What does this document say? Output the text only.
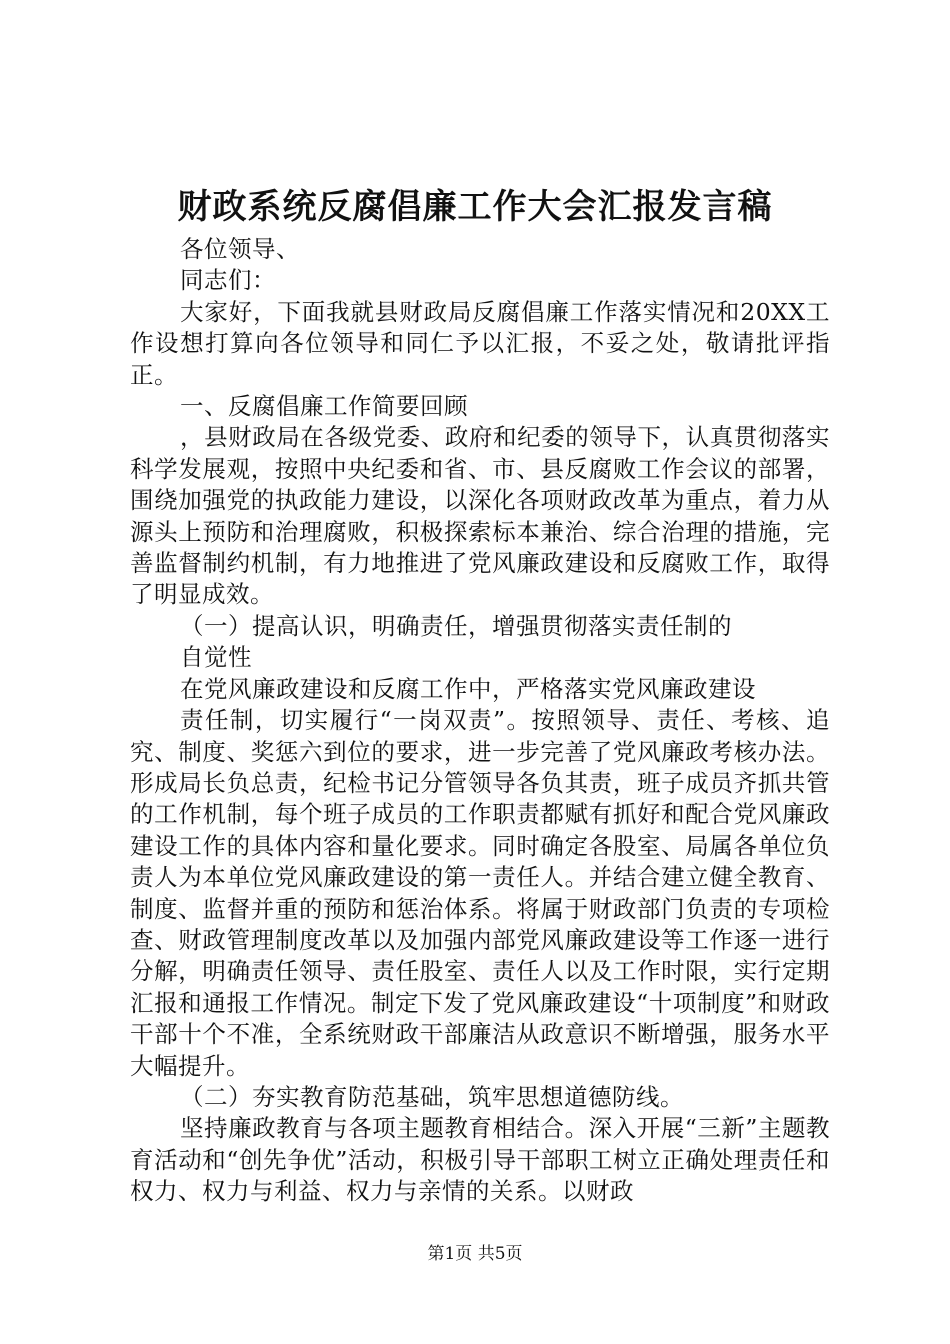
财政系统反腐倡廉工作大会汇报发言稿

各位领导、

同志们：

大家好，下面我就县财政局反腐倡廉工作落实情况和20XX工作设想打算向各位领导和同仁予以汇报，不妥之处，敬请批评指正。

一、反腐倡廉工作简要回顾

，县财政局在各级党委、政府和纪委的领导下，认真贯彻落实科学发展观，按照中央纪委和省、市、县反腐败工作会议的部署，围绕加强党的执政能力建设，以深化各项财政改革为重点，着力从源头上预防和治理腐败，积极探索标本兼治、综合治理的措施，完善监督制约机制，有力地推进了党风廉政建设和反腐败工作，取得了明显成效。

（一）提高认识，明确责任，增强贯彻落实责任制的

自觉性

在党风廉政建设和反腐工作中，严格落实党风廉政建设

责任制，切实履行“一岗双责”。按照领导、责任、考核、追究、制度、奖惩六到位的要求，进一步完善了党风廉政考核办法。形成局长负总责，纪检书记分管领导各负其责，班子成员齐抓共管的工作机制，每个班子成员的工作职责都赋有抓好和配合党风廉政建设工作的具体内容和量化要求。同时确定各股室、局属各单位负责人为本单位党风廉政建设的第一责任人。并结合建立健全教育、制度、监督并重的预防和惩治体系。将属于财政部门负责的专项检查、财政管理制度改革以及加强内部党风廉政建设等工作逐一进行分解，明确责任领导、责任股室、责任人以及工作时限，实行定期汇报和通报工作情况。制定下发了党风廉政建设“十项制度”和财政干部十个不准，全系统财政干部廉洁从政意识不断增强，服务水平大幅提升。

（二）夯实教育防范基础，筑牢思想道德防线。

坚持廉政教育与各项主题教育相结合。深入开展“三新”主题教育活动和“创先争优”活动，积极引导干部职工树立正确处理责任和权力、权力与利益、权力与亲情的关系。以财政

第1页 共5页
